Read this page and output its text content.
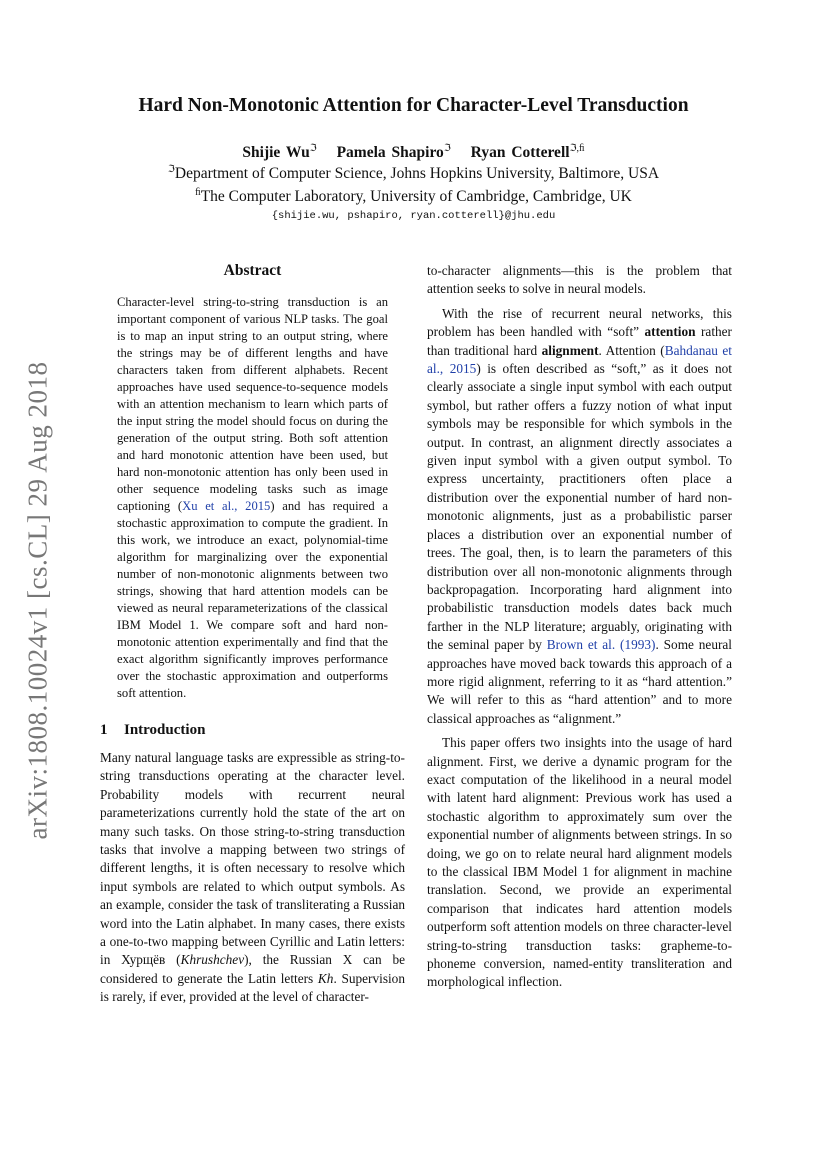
arXiv:1808.10024v1 [cs.CL] 29 Aug 2018
Hard Non-Monotonic Attention for Character-Level Transduction
Shijie $Wu^ℑ$ Pamela Shapiro$^ℑ$ Ryan Cotterell$^{ℑ,ﬁ}$
$^ℑ$Department of Computer Science, Johns Hopkins University, Baltimore, USA
$^ﬁ$The Computer Laboratory, University of Cambridge, Cambridge, UK
{shijie.wu, pshapiro, ryan.cotterell}@jhu.edu
Abstract

Character-level string-to-string transduction is an important component of various NLP tasks. The goal is to map an input string to an output string, where the strings may be of different lengths and have characters taken from different alphabets. Recent approaches have used sequence-to-sequence models with an attention mechanism to learn which parts of the input string the model should focus on during the generation of the output string. Both soft attention and hard monotonic attention have been used, but hard non-monotonic attention has only been used in other sequence modeling tasks such as image captioning (Xu et al., 2015) and has required a stochastic approximation to compute the gradient. In this work, we introduce an exact, polynomial-time algorithm for marginalizing over the exponential number of non-monotonic alignments between two strings, showing that hard attention models can be viewed as neural reparameterizations of the classical IBM Model 1. We compare soft and hard non-monotonic attention experimentally and find that the exact algorithm significantly improves performance over the stochastic approximation and outperforms soft attention.

1 Introduction

Many natural language tasks are expressible as string-to-string transductions operating at the character level. Probability models with recurrent neural parameterizations currently hold the state of the art on many such tasks. On those string-to-string transduction tasks that involve a mapping between two strings of different lengths, it is often necessary to resolve which input symbols are related to which output symbols. As an example, consider the task of transliterating a Russian word into the Latin alphabet. In many cases, there exists a one-to-two mapping between Cyrillic and Latin letters: in Хурщёв (Khrushchev), the Russian Х can be considered to generate the Latin letters Kh. Supervision is rarely, if ever, provided at the level of character-

to-character alignments—this is the problem that attention seeks to solve in neural models.

With the rise of recurrent neural networks, this problem has been handled with “soft” attention rather than traditional hard alignment. Attention (Bahdanau et al., 2015) is often described as “soft,” as it does not clearly associate a single input symbol with each output symbol, but rather offers a fuzzy notion of what input symbols may be responsible for which symbols in the output. In contrast, an alignment directly associates a given input symbol with a given output symbol. To express uncertainty, practitioners often place a distribution over the exponential number of hard non-monotonic alignments, just as a probabilistic parser places a distribution over an exponential number of trees. The goal, then, is to learn the parameters of this distribution over all non-monotonic alignments through backpropagation. Incorporating hard alignment into probabilistic transduction models dates back much farther in the NLP literature; arguably, originating with the seminal paper by Brown et al. (1993). Some neural approaches have moved back towards this approach of a more rigid alignment, referring to it as “hard attention.” We will refer to this as “hard attention” and to more classical approaches as “alignment.”

This paper offers two insights into the usage of hard alignment. First, we derive a dynamic program for the exact computation of the likelihood in a neural model with latent hard alignment: Previous work has used a stochastic algorithm to approximately sum over the exponential number of alignments between strings. In so doing, we go on to relate neural hard alignment models to the classical IBM Model 1 for alignment in machine translation. Second, we provide an experimental comparison that indicates hard attention models outperform soft attention models on three character-level string-to-string transduction tasks: grapheme-to-phoneme conversion, named-entity transliteration and morphological inflection.
